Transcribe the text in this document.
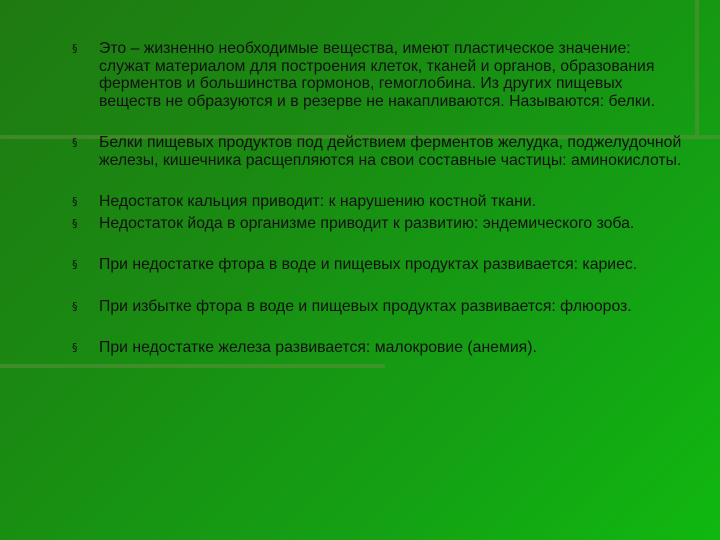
§ Это – жизненно необходимые вещества, имеют пластическое значение: служат материалом для построения клеток, тканей и органов, образования ферментов и большинства гормонов, гемоглобина. Из других пищевых веществ не образуются и в резерве не накапливаются. Называются: белки.
§ Белки пищевых продуктов под действием ферментов желудка, поджелудочной железы, кишечника расщепляются на свои составные частицы: аминокислоты.
§ Недостаток кальция приводит: к нарушению костной ткани.
§ Недостаток йода в организме приводит к развитию: эндемического зоба.
§ При недостатке фтора в воде и пищевых продуктах развивается: кариес.
§ При избытке фтора в воде и пищевых продуктах развивается: флюороз.
§ При недостатке железа развивается: малокровие (анемия).
